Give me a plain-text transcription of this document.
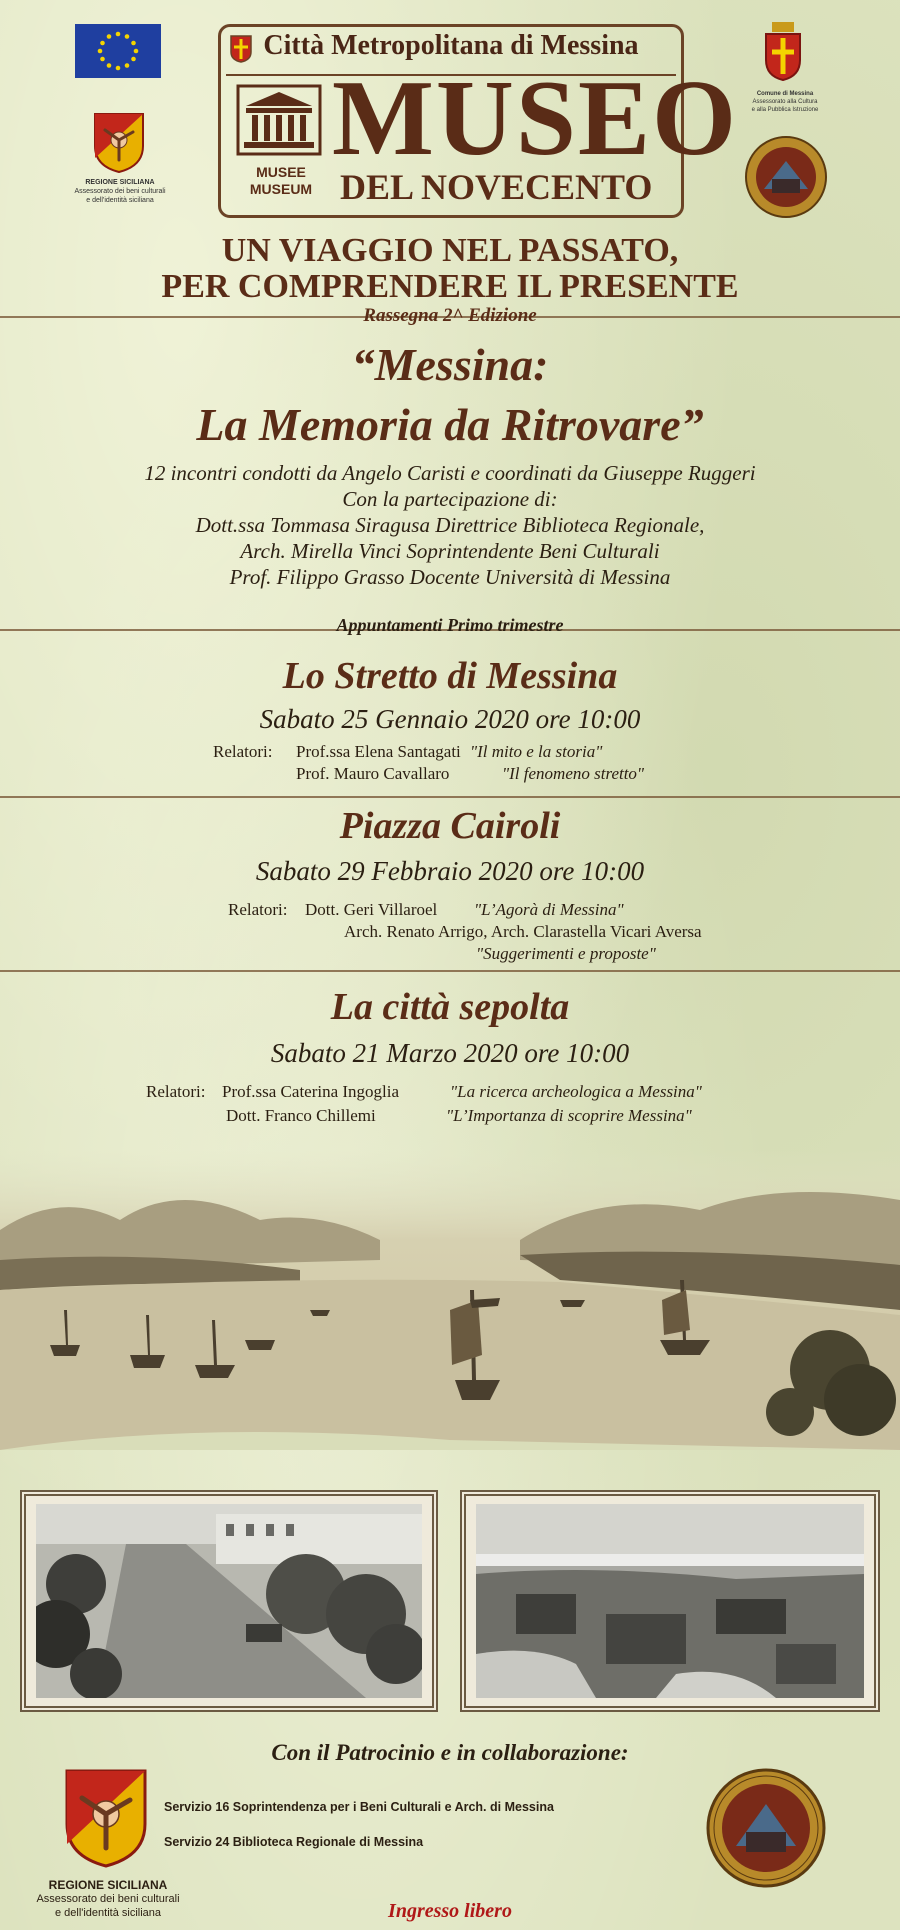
REGIONE SICILIANA
Assessorato dei beni culturali
e dell'identità siciliana
Comune di Messina
Assessorato alla Cultura
e alla Pubblica Istruzione
Città Metropolitana di Messina
MUSEE
MUSEUM
MUSEO
DEL NOVECENTO
UN VIAGGIO NEL PASSATO,
PER COMPRENDERE IL PRESENTE
Rassegna 2^ Edizione
“Messina:
La Memoria da Ritrovare”
12 incontri condotti da Angelo Caristi e coordinati da Giuseppe Ruggeri
Con la partecipazione di:
Dott.ssa Tommasa Siragusa Direttrice Biblioteca Regionale,
Arch. Mirella Vinci Soprintendente Beni Culturali
Prof. Filippo Grasso Docente Università di Messina
Appuntamenti Primo trimestre
Lo Stretto di Messina
Sabato 25 Gennaio 2020 ore 10:00
Relatori: Prof.ssa Elena Santagati "Il mito e la storia"
Prof. Mauro Cavallaro	"Il fenomeno stretto"
Piazza Cairoli
Sabato 29 Febbraio 2020 ore 10:00
Relatori: Dott. Geri Villaroel "L’Agorà di Messina"
Arch. Renato Arrigo, Arch. Clarastella Vicari Aversa
"Suggerimenti e proposte"
La città sepolta
Sabato 21 Marzo 2020 ore 10:00
Relatori: Prof.ssa Caterina Ingoglia	"La ricerca archeologica a Messina"
Dott. Franco Chillemi	"L’Importanza di scoprire Messina"
Con il Patrocinio e in collaborazione:
Servizio 16 Soprintendenza per i Beni Culturali e Arch. di Messina
Servizio 24 Biblioteca Regionale di Messina
REGIONE SICILIANA
Assessorato dei beni culturali
e dell'identità siciliana	Ingresso libero
